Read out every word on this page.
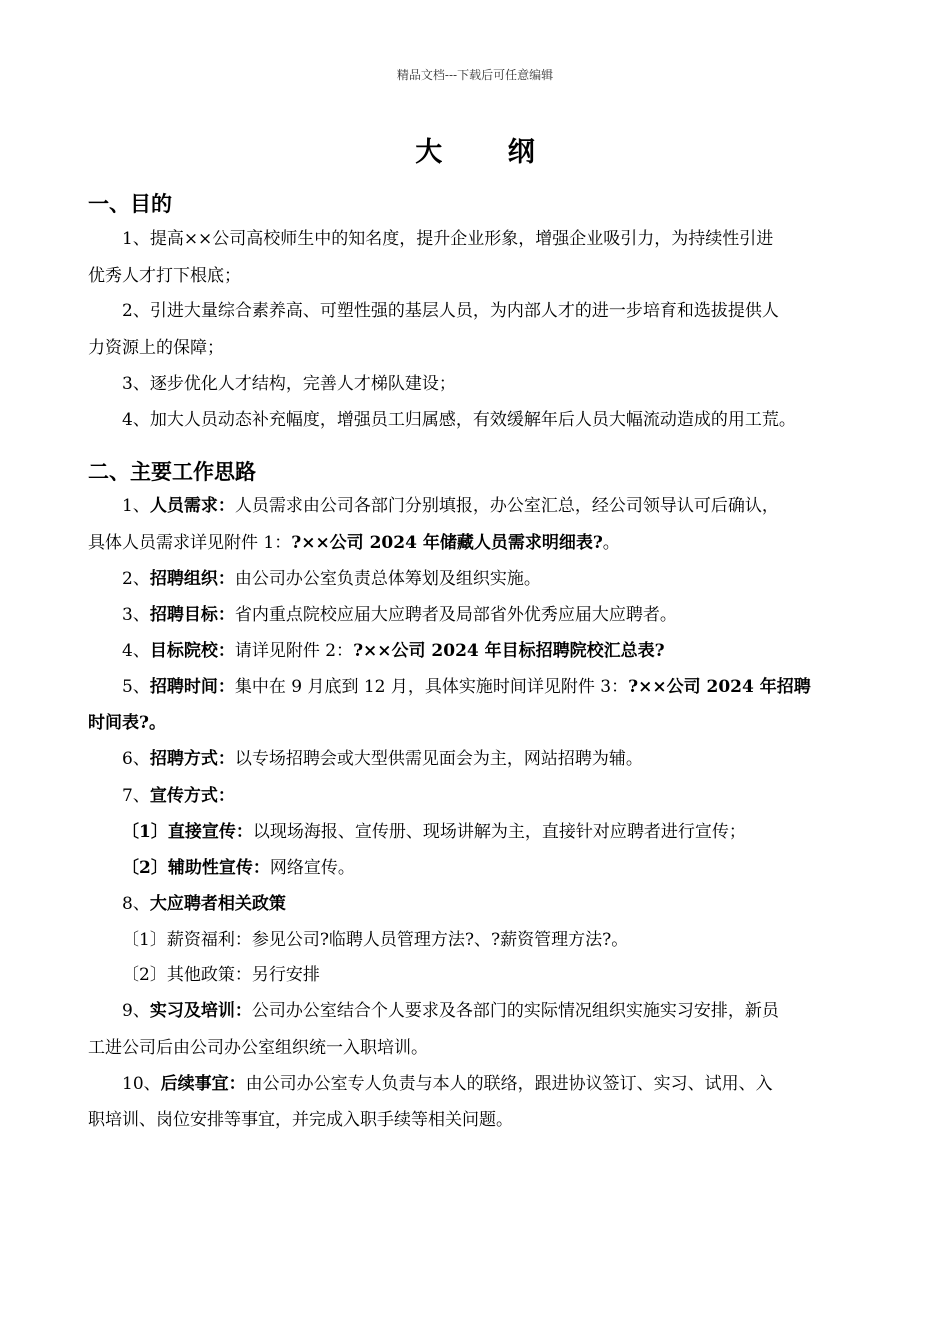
精品文档---下载后可任意编辑
大 纲
一、目的
1、提高××公司高校师生中的知名度，提升企业形象，增强企业吸引力，为持续性引进
优秀人才打下根底；
2、引进大量综合素养高、可塑性强的基层人员，为内部人才的进一步培育和选拔提供人
力资源上的保障；
3、逐步优化人才结构，完善人才梯队建设；
4、加大人员动态补充幅度，增强员工归属感，有效缓解年后人员大幅流动造成的用工荒。
二、主要工作思路
1、人员需求：人员需求由公司各部门分别填报，办公室汇总，经公司领导认可后确认，
具体人员需求详见附件 1：?××公司 2024 年储藏人员需求明细表?。
2、招聘组织：由公司办公室负责总体筹划及组织实施。
3、招聘目标：省内重点院校应届大应聘者及局部省外优秀应届大应聘者。
4、目标院校：请详见附件 2：?××公司 2024 年目标招聘院校汇总表?
5、招聘时间：集中在 9 月底到 12 月，具体实施时间详见附件 3：?××公司 2024 年招聘
时间表?。
6、招聘方式：以专场招聘会或大型供需见面会为主，网站招聘为辅。
7、宣传方式：
〔1〕直接宣传：以现场海报、宣传册、现场讲解为主，直接针对应聘者进行宣传；
〔2〕辅助性宣传：网络宣传。
8、大应聘者相关政策
〔1〕薪资福利：参见公司?临聘人员管理方法?、?薪资管理方法?。
〔2〕其他政策：另行安排
9、实习及培训：公司办公室结合个人要求及各部门的实际情况组织实施实习安排，新员
工进公司后由公司办公室组织统一入职培训。
10、后续事宜：由公司办公室专人负责与本人的联络，跟进协议签订、实习、试用、入
职培训、岗位安排等事宜，并完成入职手续等相关问题。
